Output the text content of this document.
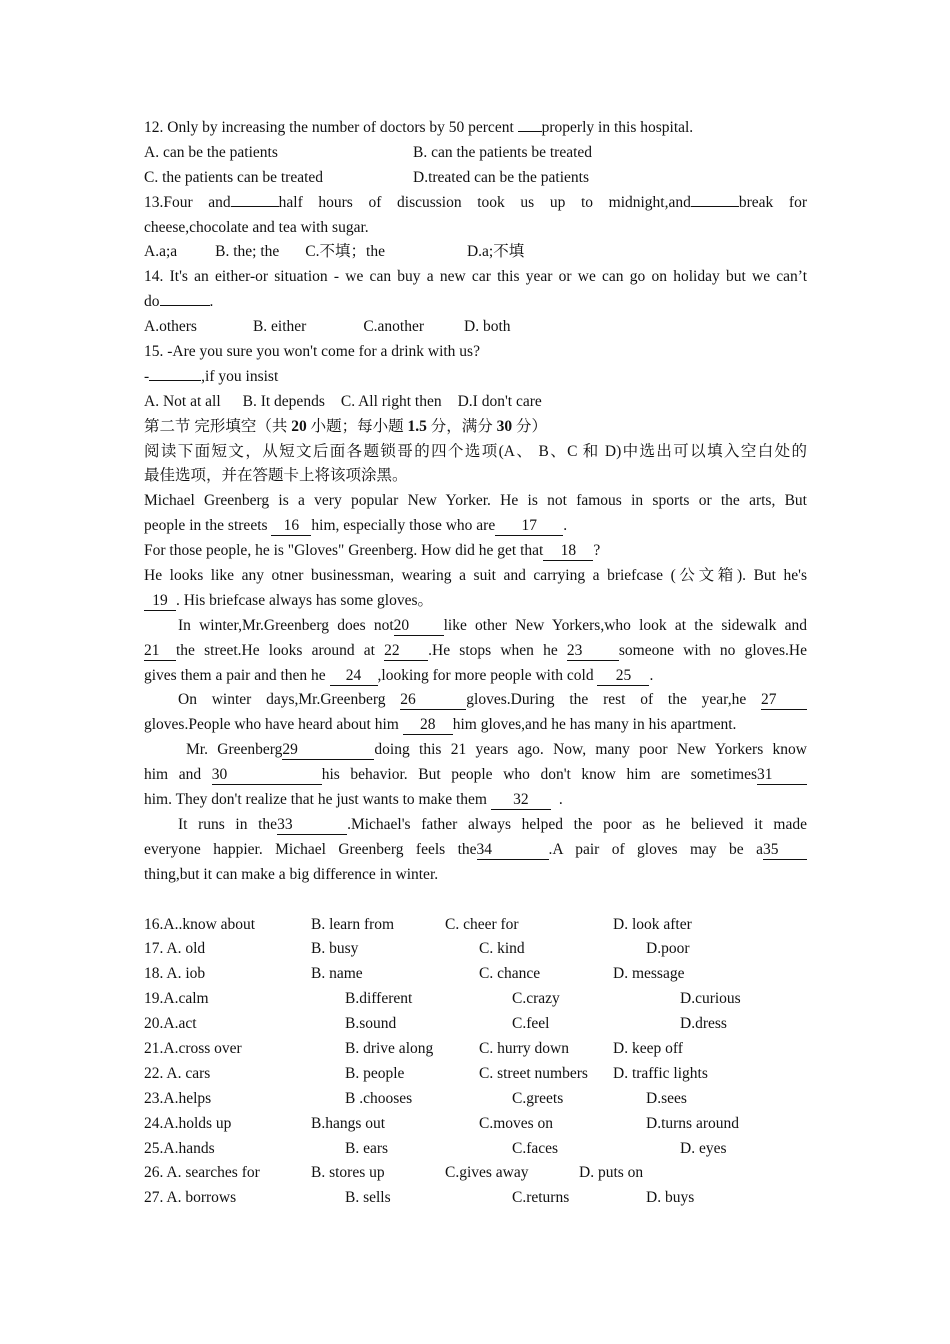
12. Only by increasing the number of doctors by 50 percent properly in this hospital.
A. can be the patients	B. can the patients be treated
C. the patients can be treated	D.treated can be the patients
13.Four and	half hours of discussion took us up to midnight,and	break for
cheese,chocolate and tea with sugar.
A.a;a B. the; the C.不填；the	D.a;不填
14. It's an either-or situation - we can buy a new car this year or we can go on holiday but we can’t
do	.
A.others	B. either	C.another	D. both
15. -Are you sure you won't come for a drink with us?
-	,if you insist
A. Not at all B. It depends C. All right then D.I don't care
第二节 完形填空（共 20 小题；每小题 1.5 分，满分 30 分）
阅读下面短文，从短文后面各题锁哥的四个选项(A、 B、C 和 D)中选出可以填入空白处的
最佳选项，并在答题卡上将该项涂黑。
Michael Greenberg is a very popular New Yorker. He is not famous in sports or the arts, But
people in the streets 16 him, especially those who are 17 .
For those people, he is "Gloves" Greenberg. How did he get that 18 ?
He looks like any otner businessman, wearing a suit and carrying a briefcase (公文箱). But he's
19 . His briefcase always has some gloves。
In winter,Mr.Greenberg does not20 like other New Yorkers,who look at the sidewalk and
21 the street.He looks around at 22 .He stops when he 23 someone with no gloves.He
gives them a pair and then he 24 ,looking for more people with cold 25 .
On winter days,Mr.Greenberg 26	gloves.During the rest of the year,he 27
gloves.People who have heard about him 28 him gloves,and he has many in his apartment.
Mr. Greenberg29	doing this 21 years ago. Now, many poor New Yorkers know
him and 30	his behavior. But people who don't know him are sometimes31
him. They don't realize that he just wants to make them 32 .
It runs in the33	.Michael's father always helped the poor as he believed it made
everyone happier. Michael Greenberg feels the34	.A pair of gloves may be a35
thing,but it can make a big difference in winter.
16.A..know about	B. learn from	C. cheer for	D. look after
17. A. old	B. busy	C. kind	D.poor
18. A. iob	B. name	C. chance	D. message
19.A.calm	B.different	C.crazy	D.curious
20.A.act	B.sound	C.feel	D.dress
21.A.cross over	B. drive along	C. hurry down	D. keep off
22. A. cars	B. people	C. street numbers	D. traffic lights
23.A.helps	B .chooses	C.greets	D.sees
24.A.holds up	B.hangs out	C.moves on	D.turns around
25.A.hands	B. ears	C.faces	D. eyes
26. A. searches for	B. stores up	C.gives away	D. puts on
27. A. borrows	B. sells	C.returns	D. buys
